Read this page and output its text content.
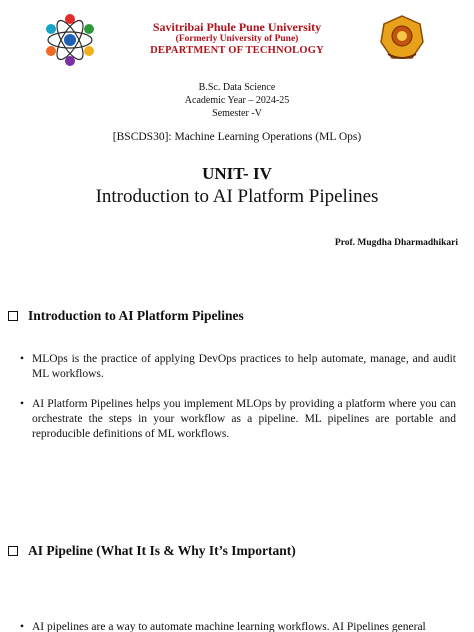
Savitribai Phule Pune University
(Formerly University of Pune)
DEPARTMENT OF TECHNOLOGY
B.Sc. Data Science
Academic Year – 2024-25
Semester -V
[BSCDS30]: Machine Learning Operations (ML Ops)
UNIT- IV
Introduction to AI Platform Pipelines
Prof. Mugdha Dharmadhikari
Introduction to AI Platform Pipelines

• MLOps is the practice of applying DevOps practices to help automate, manage, and audit ML workflows.

• AI Platform Pipelines helps you implement MLOps by providing a platform where you can orchestrate the steps in your workflow as a pipeline. ML pipelines are portable and reproducible definitions of ML workflows.

AI Pipeline (What It Is & Why It’s Important)

• AI pipelines are a way to automate machine learning workflows. AI Pipelines general
